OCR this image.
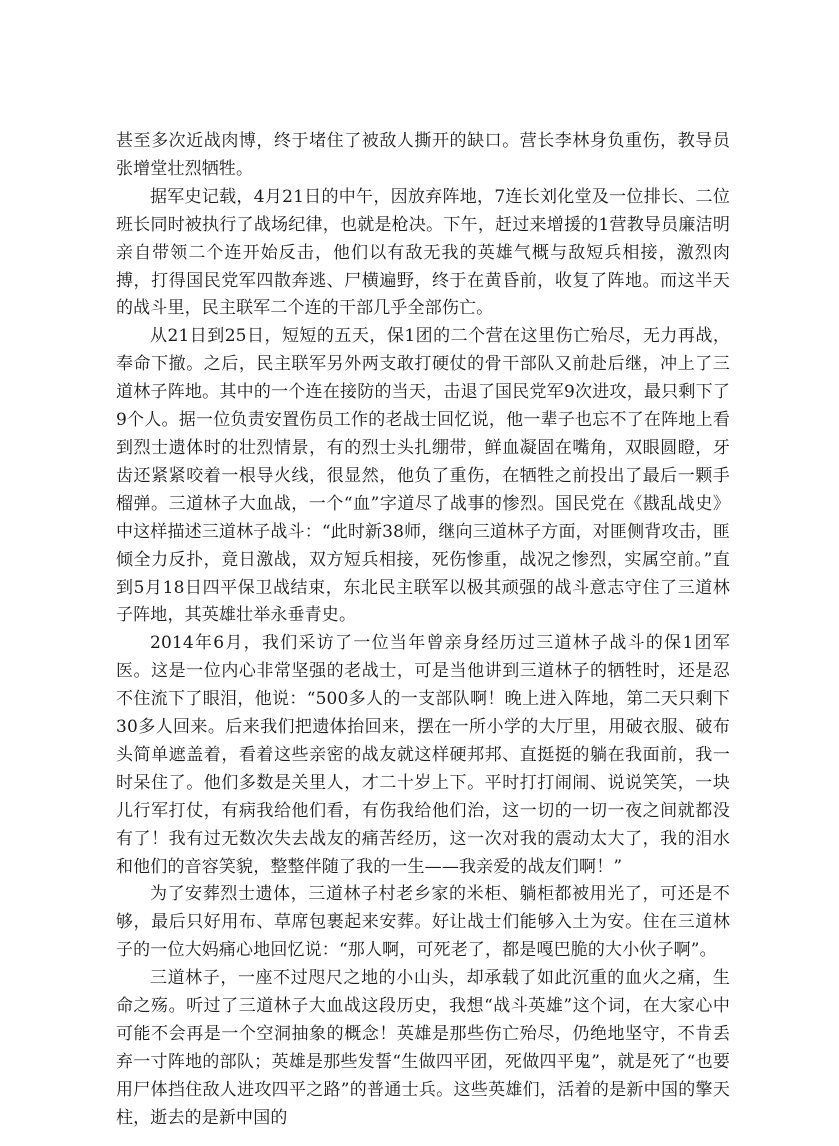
甚至多次近战肉博，终于堵住了被敌人撕开的缺口。营长李林身负重伤，教导员张增堂壮烈牺牲。

据军史记载，4月21日的中午，因放弃阵地，7连长刘化堂及一位排长、二位班长同时被执行了战场纪律，也就是枪决。下午，赶过来增援的1营教导员廉洁明亲自带领二个连开始反击，他们以有敌无我的英雄气概与敌短兵相接，激烈肉搏，打得国民党军四散奔逃、尸横遍野，终于在黄昏前，收复了阵地。而这半天的战斗里，民主联军二个连的干部几乎全部伤亡。

从21日到25日，短短的五天，保1团的二个营在这里伤亡殆尽，无力再战，奉命下撤。之后，民主联军另外两支敢打硬仗的骨干部队又前赴后继，冲上了三道林子阵地。其中的一个连在接防的当天，击退了国民党军9次进攻，最只剩下了9个人。据一位负责安置伤员工作的老战士回忆说，他一辈子也忘不了在阵地上看到烈士遗体时的壮烈情景，有的烈士头扎绷带，鲜血凝固在嘴角，双眼圆瞪，牙齿还紧紧咬着一根导火线，很显然，他负了重伤，在牺牲之前投出了最后一颗手榴弹。三道林子大血战，一个“血”字道尽了战事的惨烈。国民党在《戡乱战史》中这样描述三道林子战斗：“此时新38师，继向三道林子方面，对匪侧背攻击，匪倾全力反扑，竟日激战，双方短兵相接，死伤惨重，战况之惨烈，实属空前。”直到5月18日四平保卫战结束，东北民主联军以极其顽强的战斗意志守住了三道林子阵地，其英雄壮举永垂青史。

2014年6月，我们采访了一位当年曾亲身经历过三道林子战斗的保1团军医。这是一位内心非常坚强的老战士，可是当他讲到三道林子的牺牲时，还是忍不住流下了眼泪，他说：“500多人的一支部队啊！晚上进入阵地，第二天只剩下30多人回来。后来我们把遗体抬回来，摆在一所小学的大厅里，用破衣服、破布头简单遮盖着，看着这些亲密的战友就这样硬邦邦、直挺挺的躺在我面前，我一时呆住了。他们多数是关里人，才二十岁上下。平时打打闹闹、说说笑笑，一块儿行军打仗，有病我给他们看，有伤我给他们治，这一切的一切一夜之间就都没有了！我有过无数次失去战友的痛苦经历，这一次对我的震动太大了，我的泪水和他们的音容笑貌，整整伴随了我的一生——我亲爱的战友们啊！”

为了安葬烈士遗体，三道林子村老乡家的米柜、躺柜都被用光了，可还是不够，最后只好用布、草席包裹起来安葬。好让战士们能够入土为安。住在三道林子的一位大妈痛心地回忆说：“那人啊，可死老了，都是嘎巴脆的大小伙子啊”。

三道林子，一座不过咫尺之地的小山头，却承载了如此沉重的血火之痛，生命之殇。听过了三道林子大血战这段历史，我想“战斗英雄”这个词，在大家心中可能不会再是一个空洞抽象的概念！英雄是那些伤亡殆尽，仍绝地坚守，不肯丢弃一寸阵地的部队；英雄是那些发誓“生做四平团，死做四平鬼”，就是死了“也要用尸体挡住敌人进攻四平之路”的普通士兵。这些英雄们，活着的是新中国的擎天柱，逝去的是新中国的
